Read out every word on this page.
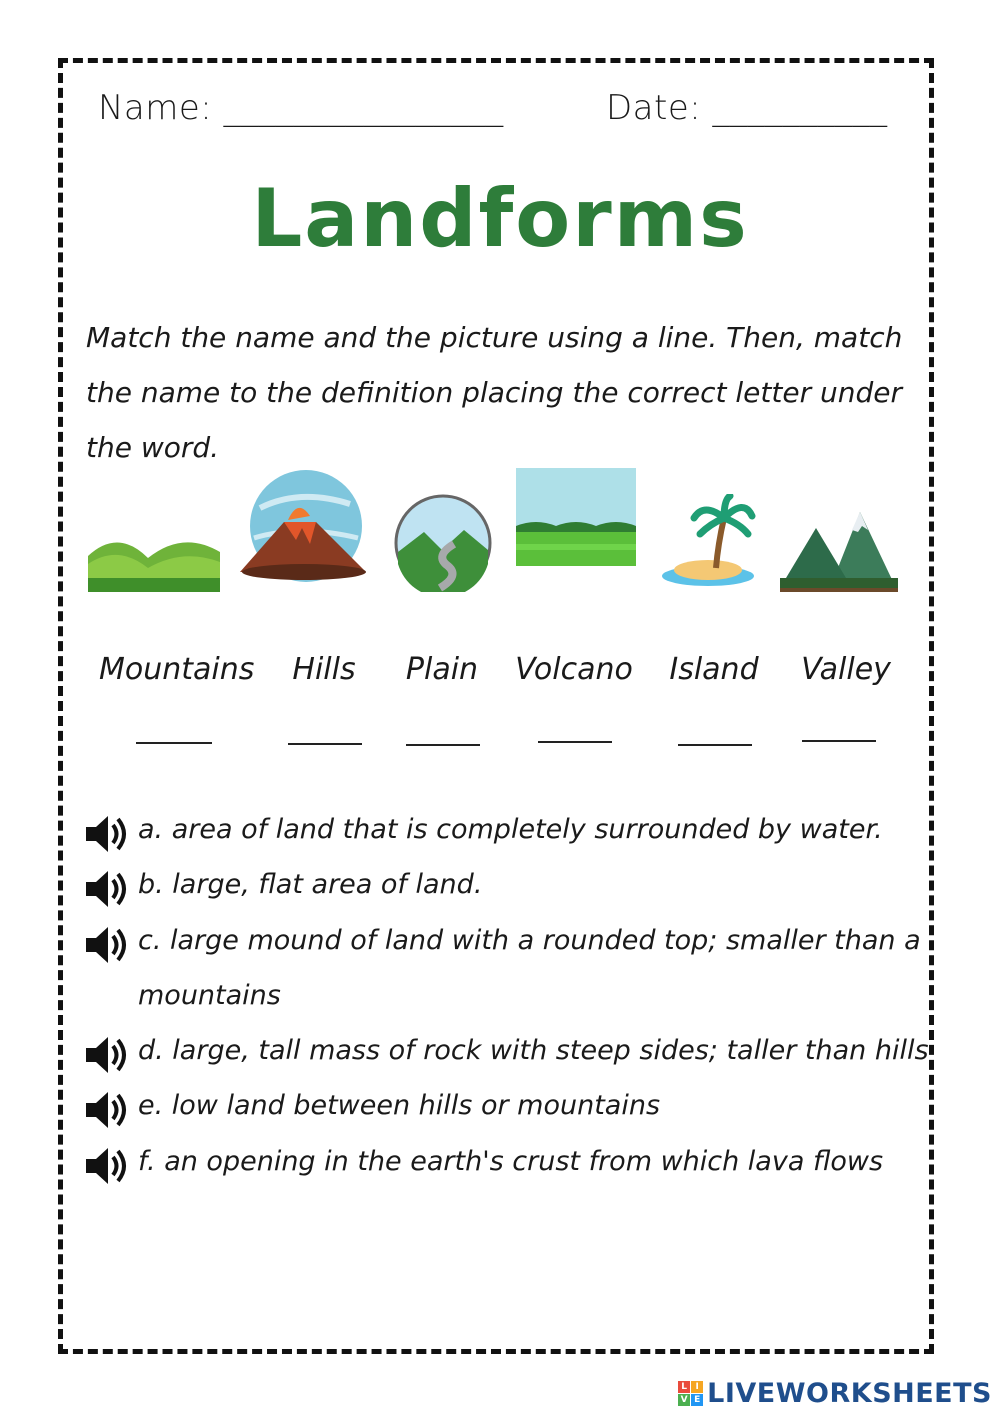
Name: ________________	Date: __________
Landforms
Match the name and the picture using a line. Then, match the name to the definition placing the correct letter under the word.
Mountains	Hills	Plain	Volcano	Island	Valley
a. area of land that is completely surrounded by water.
b. large, flat area of land.
c. large mound of land with a rounded top; smaller than a
mountains
d. large, tall mass of rock with steep sides; taller than hills
e. low land between hills or mountains
f. an opening in the earth's crust from which lava flows
L I
V E LIVEWORKSHEETS
